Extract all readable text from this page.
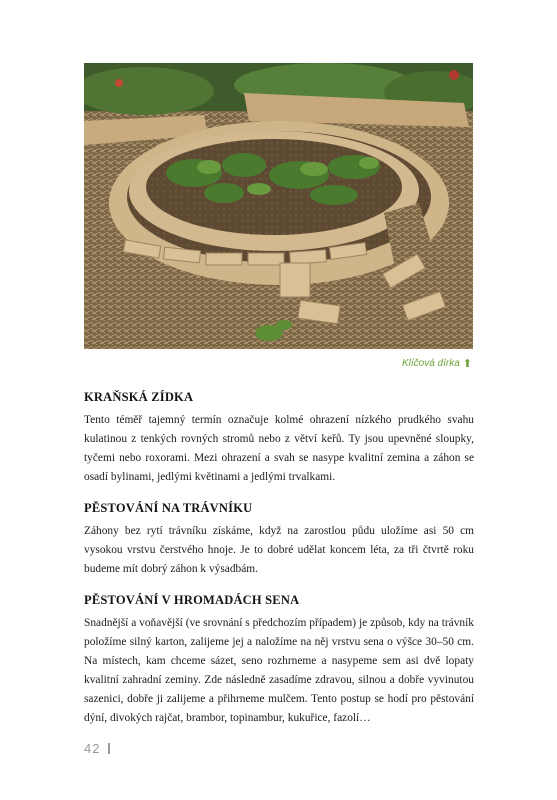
Klíčová dírka ⬆

KRAŇSKÁ ZÍDKA

Tento téměř tajemný termín označuje kolmé ohrazení nízkého prudkého svahu kulatinou z tenkých rovných stromů nebo z větví keřů. Ty jsou upevněné sloupky, tyčemi nebo roxorami. Mezi ohrazení a svah se nasype kvalitní zemina a záhon se osadí bylinami, jedlými květinami a jedlými trvalkami.

PĚSTOVÁNÍ NA TRÁVNÍKU

Záhony bez rytí trávníku získáme, když na zarostlou půdu uložíme asi 50 cm vysokou vrstvu čerstvého hnoje. Je to dobré udělat koncem léta, za tři čtvrtě roku budeme mít dobrý záhon k výsadbám.

PĚSTOVÁNÍ V HROMADÁCH SENA

Snadnější a voňavější (ve srovnání s předchozím případem) je způsob, kdy na trávník položíme silný karton, zalijeme jej a naložíme na něj vrstvu sena o výšce 30–50 cm. Na místech, kam chceme sázet, seno rozhrneme a nasypeme sem asi dvě lopaty kvalitní zahradní zeminy. Zde následně zasadíme zdravou, silnou a dobře vyvinutou sazenici, dobře ji zalijeme a přihrneme mulčem. Tento postup se hodí pro pěstování dýní, divokých rajčat, brambor, topinambur, kukuřice, fazolí…

42
